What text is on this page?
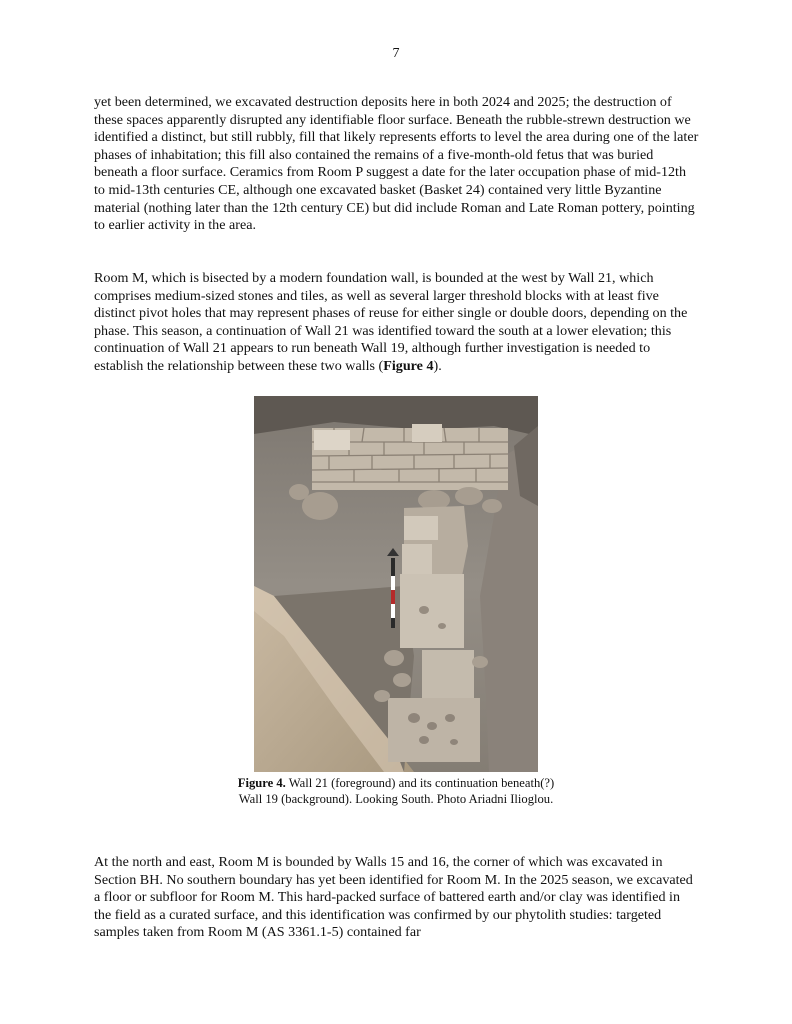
7

yet been determined, we excavated destruction deposits here in both 2024 and 2025; the destruction of these spaces apparently disrupted any identifiable floor surface. Beneath the rubble-strewn destruction we identified a distinct, but still rubbly, fill that likely represents efforts to level the area during one of the later phases of inhabitation; this fill also contained the remains of a five-month-old fetus that was buried beneath a floor surface. Ceramics from Room P suggest a date for the later occupation phase of mid-12th to mid-13th centuries CE, although one excavated basket (Basket 24) contained very little Byzantine material (nothing later than the 12th century CE) but did include Roman and Late Roman pottery, pointing to earlier activity in the area.

Room M, which is bisected by a modern foundation wall, is bounded at the west by Wall 21, which comprises medium-sized stones and tiles, as well as several larger threshold blocks with at least five distinct pivot holes that may represent phases of reuse for either single or double doors, depending on the phase. This season, a continuation of Wall 21 was identified toward the south at a lower elevation; this continuation of Wall 21 appears to run beneath Wall 19, although further investigation is needed to establish the relationship between these two walls (Figure 4).

Figure 4. Wall 21 (foreground) and its continuation beneath(?) Wall 19 (background). Looking South. Photo Ariadni Ilioglou.

At the north and east, Room M is bounded by Walls 15 and 16, the corner of which was excavated in Section BH. No southern boundary has yet been identified for Room M. In the 2025 season, we excavated a floor or subfloor for Room M. This hard-packed surface of battered earth and/or clay was identified in the field as a curated surface, and this identification was confirmed by our phytolith studies: targeted samples taken from Room M (AS 3361.1-5) contained far
